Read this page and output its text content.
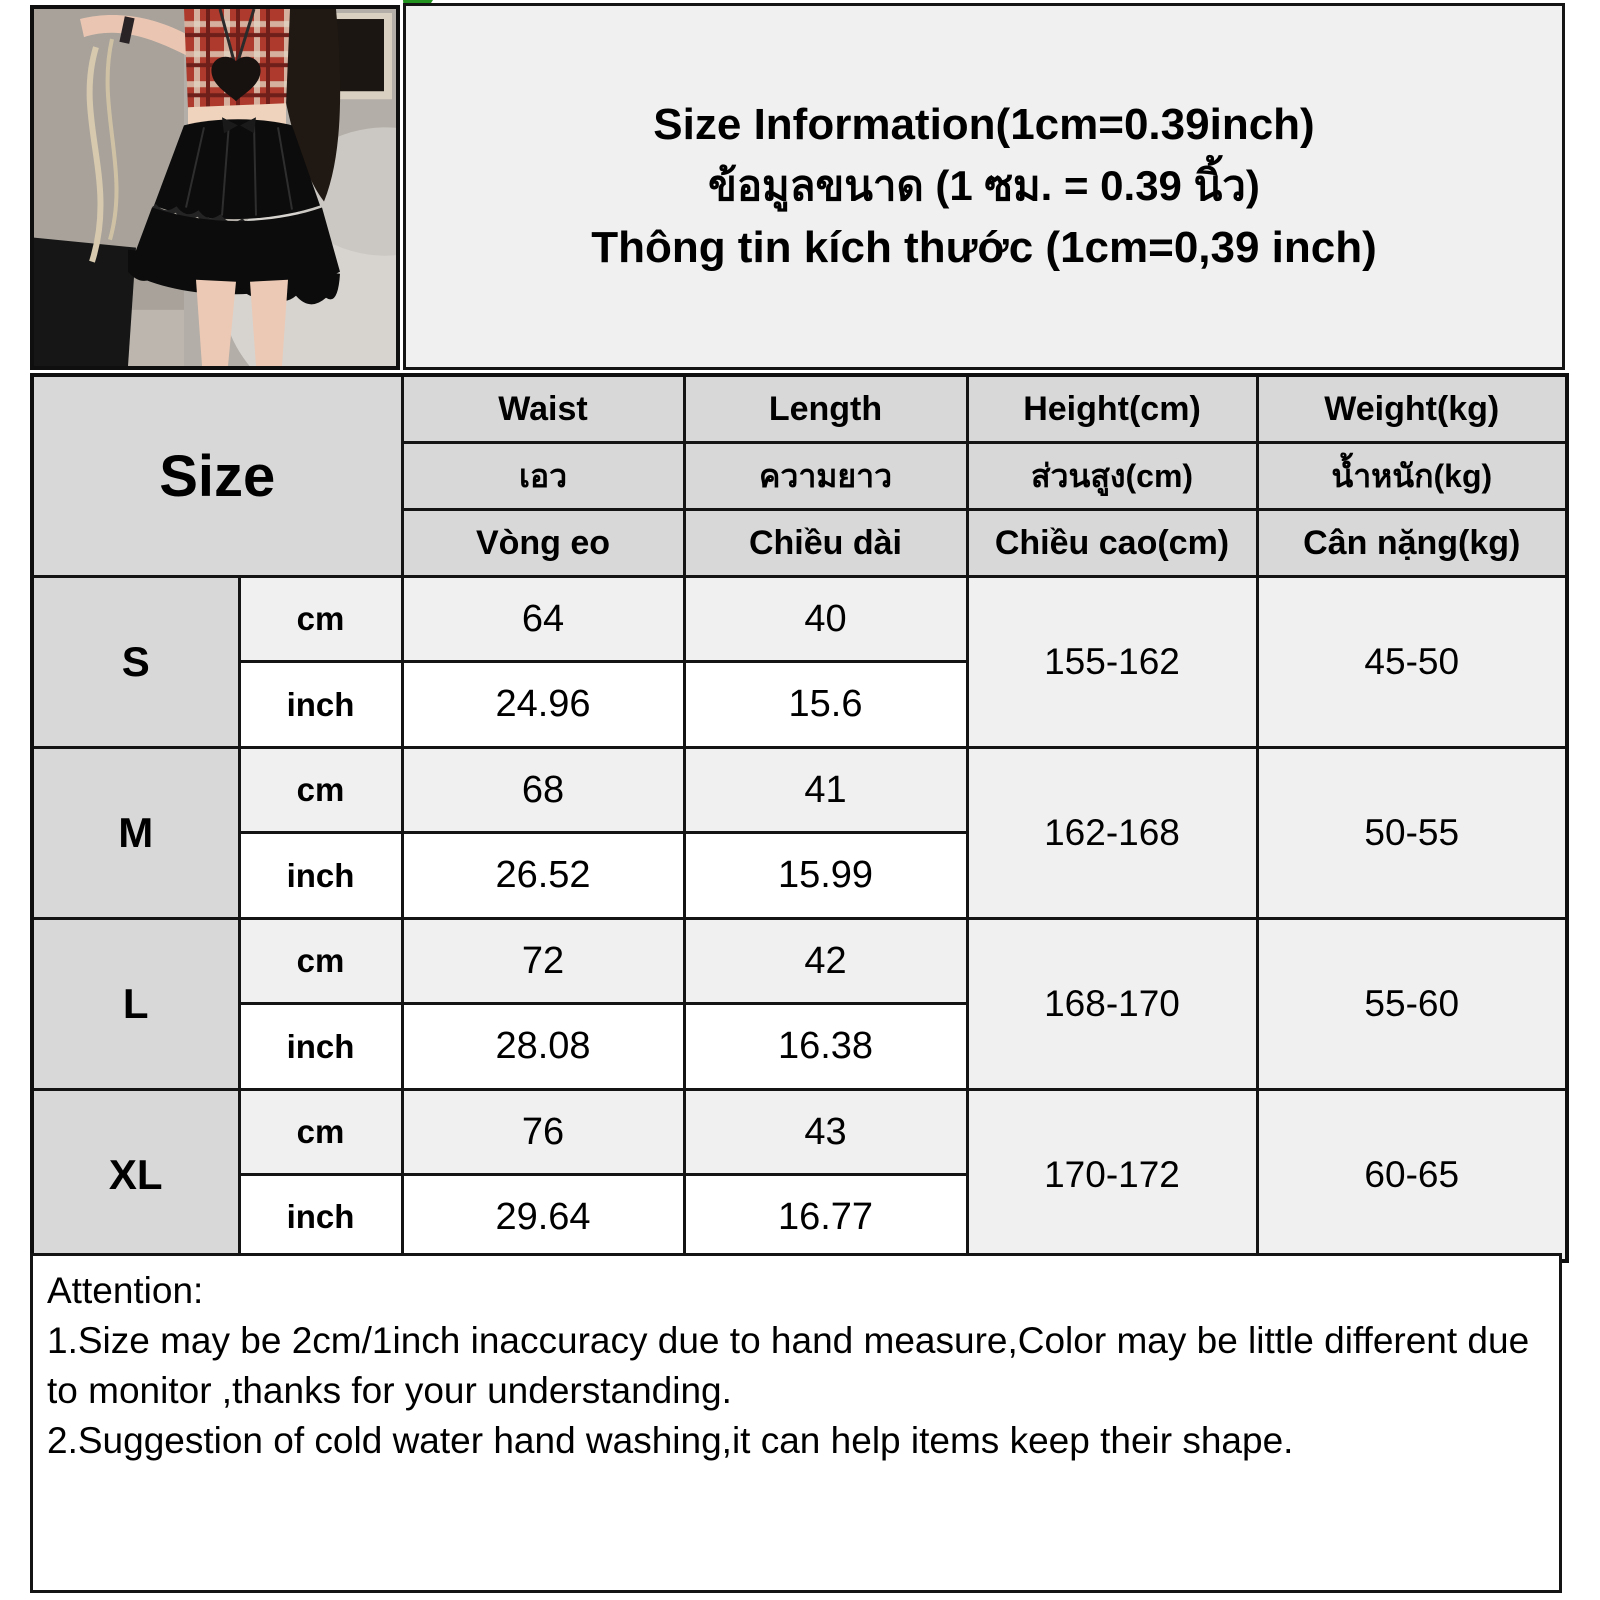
Size Information(1cm=0.39inch)
ข้อมูลขนาด (1 ซม. = 0.39 นิ้ว)
Thông tin kích thước (1cm=0,39 inch)
Size		Waist	Length	Height(cm)	Weight(kg)
		เอว	ความยาว	ส่วนสูง(cm)	น้ำหนัก(kg)
		Vòng eo	Chiều dài	Chiều cao(cm)	Cân nặng(kg)
S	cm	64	40	155-162	45-50
	inch	24.96	15.6		
M	cm	68	41	162-168	50-55
	inch	26.52	15.99		
L	cm	72	42	168-170	55-60
	inch	28.08	16.38		
XL	cm	76	43	170-172	60-65
	inch	29.64	16.77		
Attention:
1.Size may be 2cm/1inch inaccuracy due to hand measure,Color may be little different due to monitor ,thanks for your understanding.
2.Suggestion of cold water hand washing,it can help items keep their shape.
